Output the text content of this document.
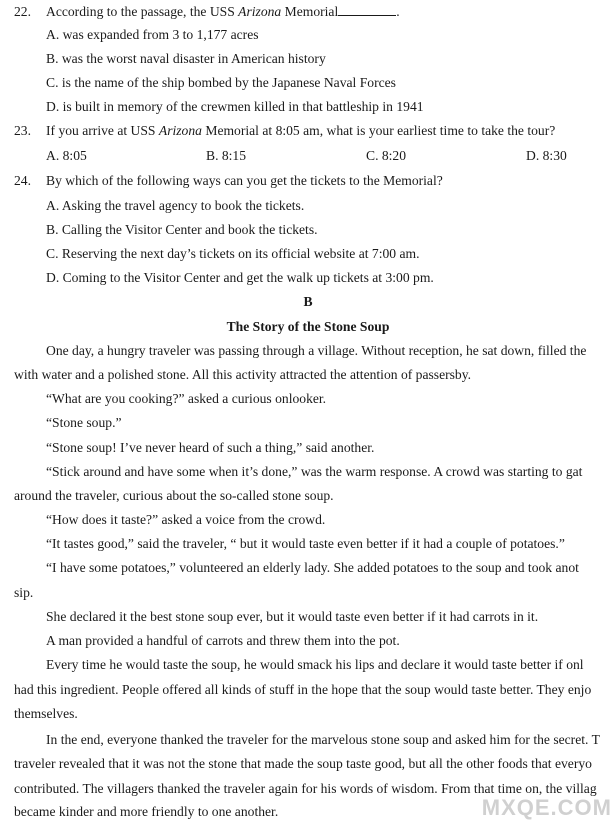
22. According to the passage, the USS Arizona Memorial	.
A. was expanded from 3 to 1,177 acres
B. was the worst naval disaster in American history
C. is the name of the ship bombed by the Japanese Naval Forces
D. is built in memory of the crewmen killed in that battleship in 1941
23. If you arrive at USS Arizona Memorial at 8:05 am, what is your earliest time to take the tour?
A. 8:05	B. 8:15	C. 8:20	D. 8:30
24. By which of the following ways can you get the tickets to the Memorial?
A. Asking the travel agency to book the tickets.
B. Calling the Visitor Center and book the tickets.
C. Reserving the next day’s tickets on its official website at 7:00 am.
D. Coming to the Visitor Center and get the walk up tickets at 3:00 pm.
B
The Story of the Stone Soup
One day, a hungry traveler was passing through a village. Without reception, he sat down, filled the
with water and a polished stone. All this activity attracted the attention of passersby.
“What are you cooking?” asked a curious onlooker.
“Stone soup.”
“Stone soup! I’ve never heard of such a thing,” said another.
“Stick around and have some when it’s done,” was the warm response. A crowd was starting to gat
around the traveler, curious about the so-called stone soup.
“How does it taste?” asked a voice from the crowd.
“It tastes good,” said the traveler, “ but it would taste even better if it had a couple of potatoes.”
“I have some potatoes,” volunteered an elderly lady. She added potatoes to the soup and took anot
sip.
She declared it the best stone soup ever, but it would taste even better if it had carrots in it.
A man provided a handful of carrots and threw them into the pot.
Every time he would taste the soup, he would smack his lips and declare it would taste better if onl
had this ingredient. People offered all kinds of stuff in the hope that the soup would taste better. They enjo
themselves.
In the end, everyone thanked the traveler for the marvelous stone soup and asked him for the secret. T
traveler revealed that it was not the stone that made the soup taste good, but all the other foods that everyo
contributed. The villagers thanked the traveler again for his words of wisdom. From that time on, the villag
became kinder and more friendly to one another.	MXQE.COM
